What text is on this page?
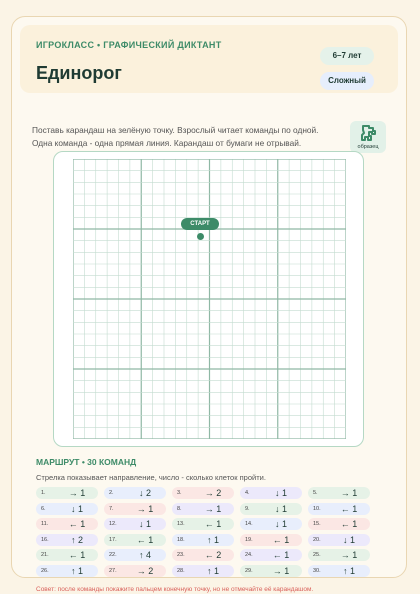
ИГРОКЛАСС • ГРАФИЧЕСКИЙ ДИКТАНТ
Единорог
6–7 лет
Сложный
Поставь карандаш на зелёную точку. Взрослый читает команды по одной.
Одна команда - одна прямая линия. Карандаш от бумаги не отрывай.	образец
СТАРТ
МАРШРУТ • 30 КОМАНД
Стрелка показывает направление, число - сколько клеток пройти.
1.	→ 1	2.	↓ 2	3.	→ 2	4.	↓ 1	5.	→ 1
6.	↓ 1	7.	→ 1	8.	→ 1	9.	↓ 1	10.	← 1
11.	← 1	12.	↓ 1	13.	← 1	14.	↓ 1	15.	← 1
16.	↑ 2	17.	← 1	18.	↑ 1	19.	← 1	20.	↓ 1
21.	← 1	22.	↑ 4	23.	← 2	24.	← 1	25.	→ 1
26.	↑ 1	27.	→ 2	28.	↑ 1	29.	→ 1	30.	↑ 1
Совет: после команды покажите пальцем конечную точку, но не отмечайте её карандашом.
